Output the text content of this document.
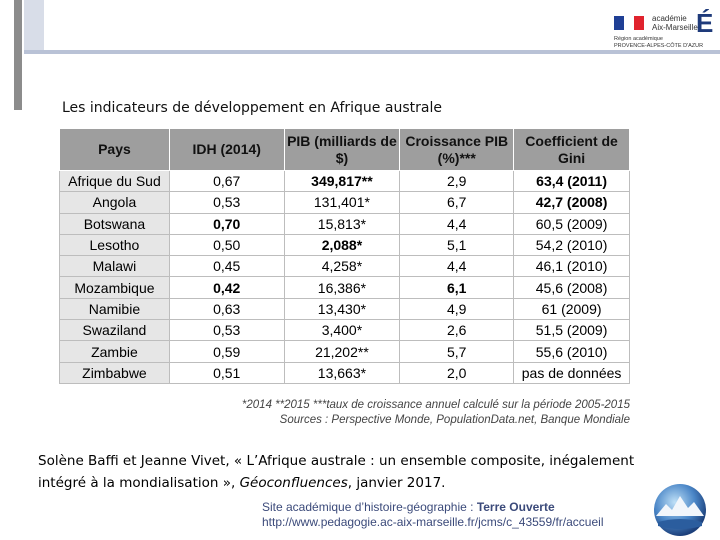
académie
Aix-Marseille
É
Région académique
PROVENCE-ALPES-CÔTE D'AZUR
Les indicateurs de développement en Afrique australe
Pays	IDH (2014)	PIB (milliards de $)	Croissance PIB (%)***	Coefficient de Gini
Afrique du Sud	0,67	349,817**	2,9	63,4 (2011)
Angola	0,53	131,401*	6,7	42,7 (2008)
Botswana	0,70	15,813*	4,4	60,5 (2009)
Lesotho	0,50	2,088*	5,1	54,2 (2010)
Malawi	0,45	4,258*	4,4	46,1 (2010)
Mozambique	0,42	16,386*	6,1	45,6 (2008)
Namibie	0,63	13,430*	4,9	61 (2009)
Swaziland	0,53	3,400*	2,6	51,5 (2009)
Zambie	0,59	21,202**	5,7	55,6 (2010)
Zimbabwe	0,51	13,663*	2,0	pas de données
*2014 **2015 ***taux de croissance annuel calculé sur la période 2005-2015
Sources : Perspective Monde, PopulationData.net, Banque Mondiale
Solène Baffi et Jeanne Vivet, « L’Afrique australe : un ensemble composite, inégalement intégré à la mondialisation », Géoconfluences, janvier 2017.
Site académique d’histoire-géographie : Terre Ouverte
http://www.pedagogie.ac-aix-marseille.fr/jcms/c_43559/fr/accueil
